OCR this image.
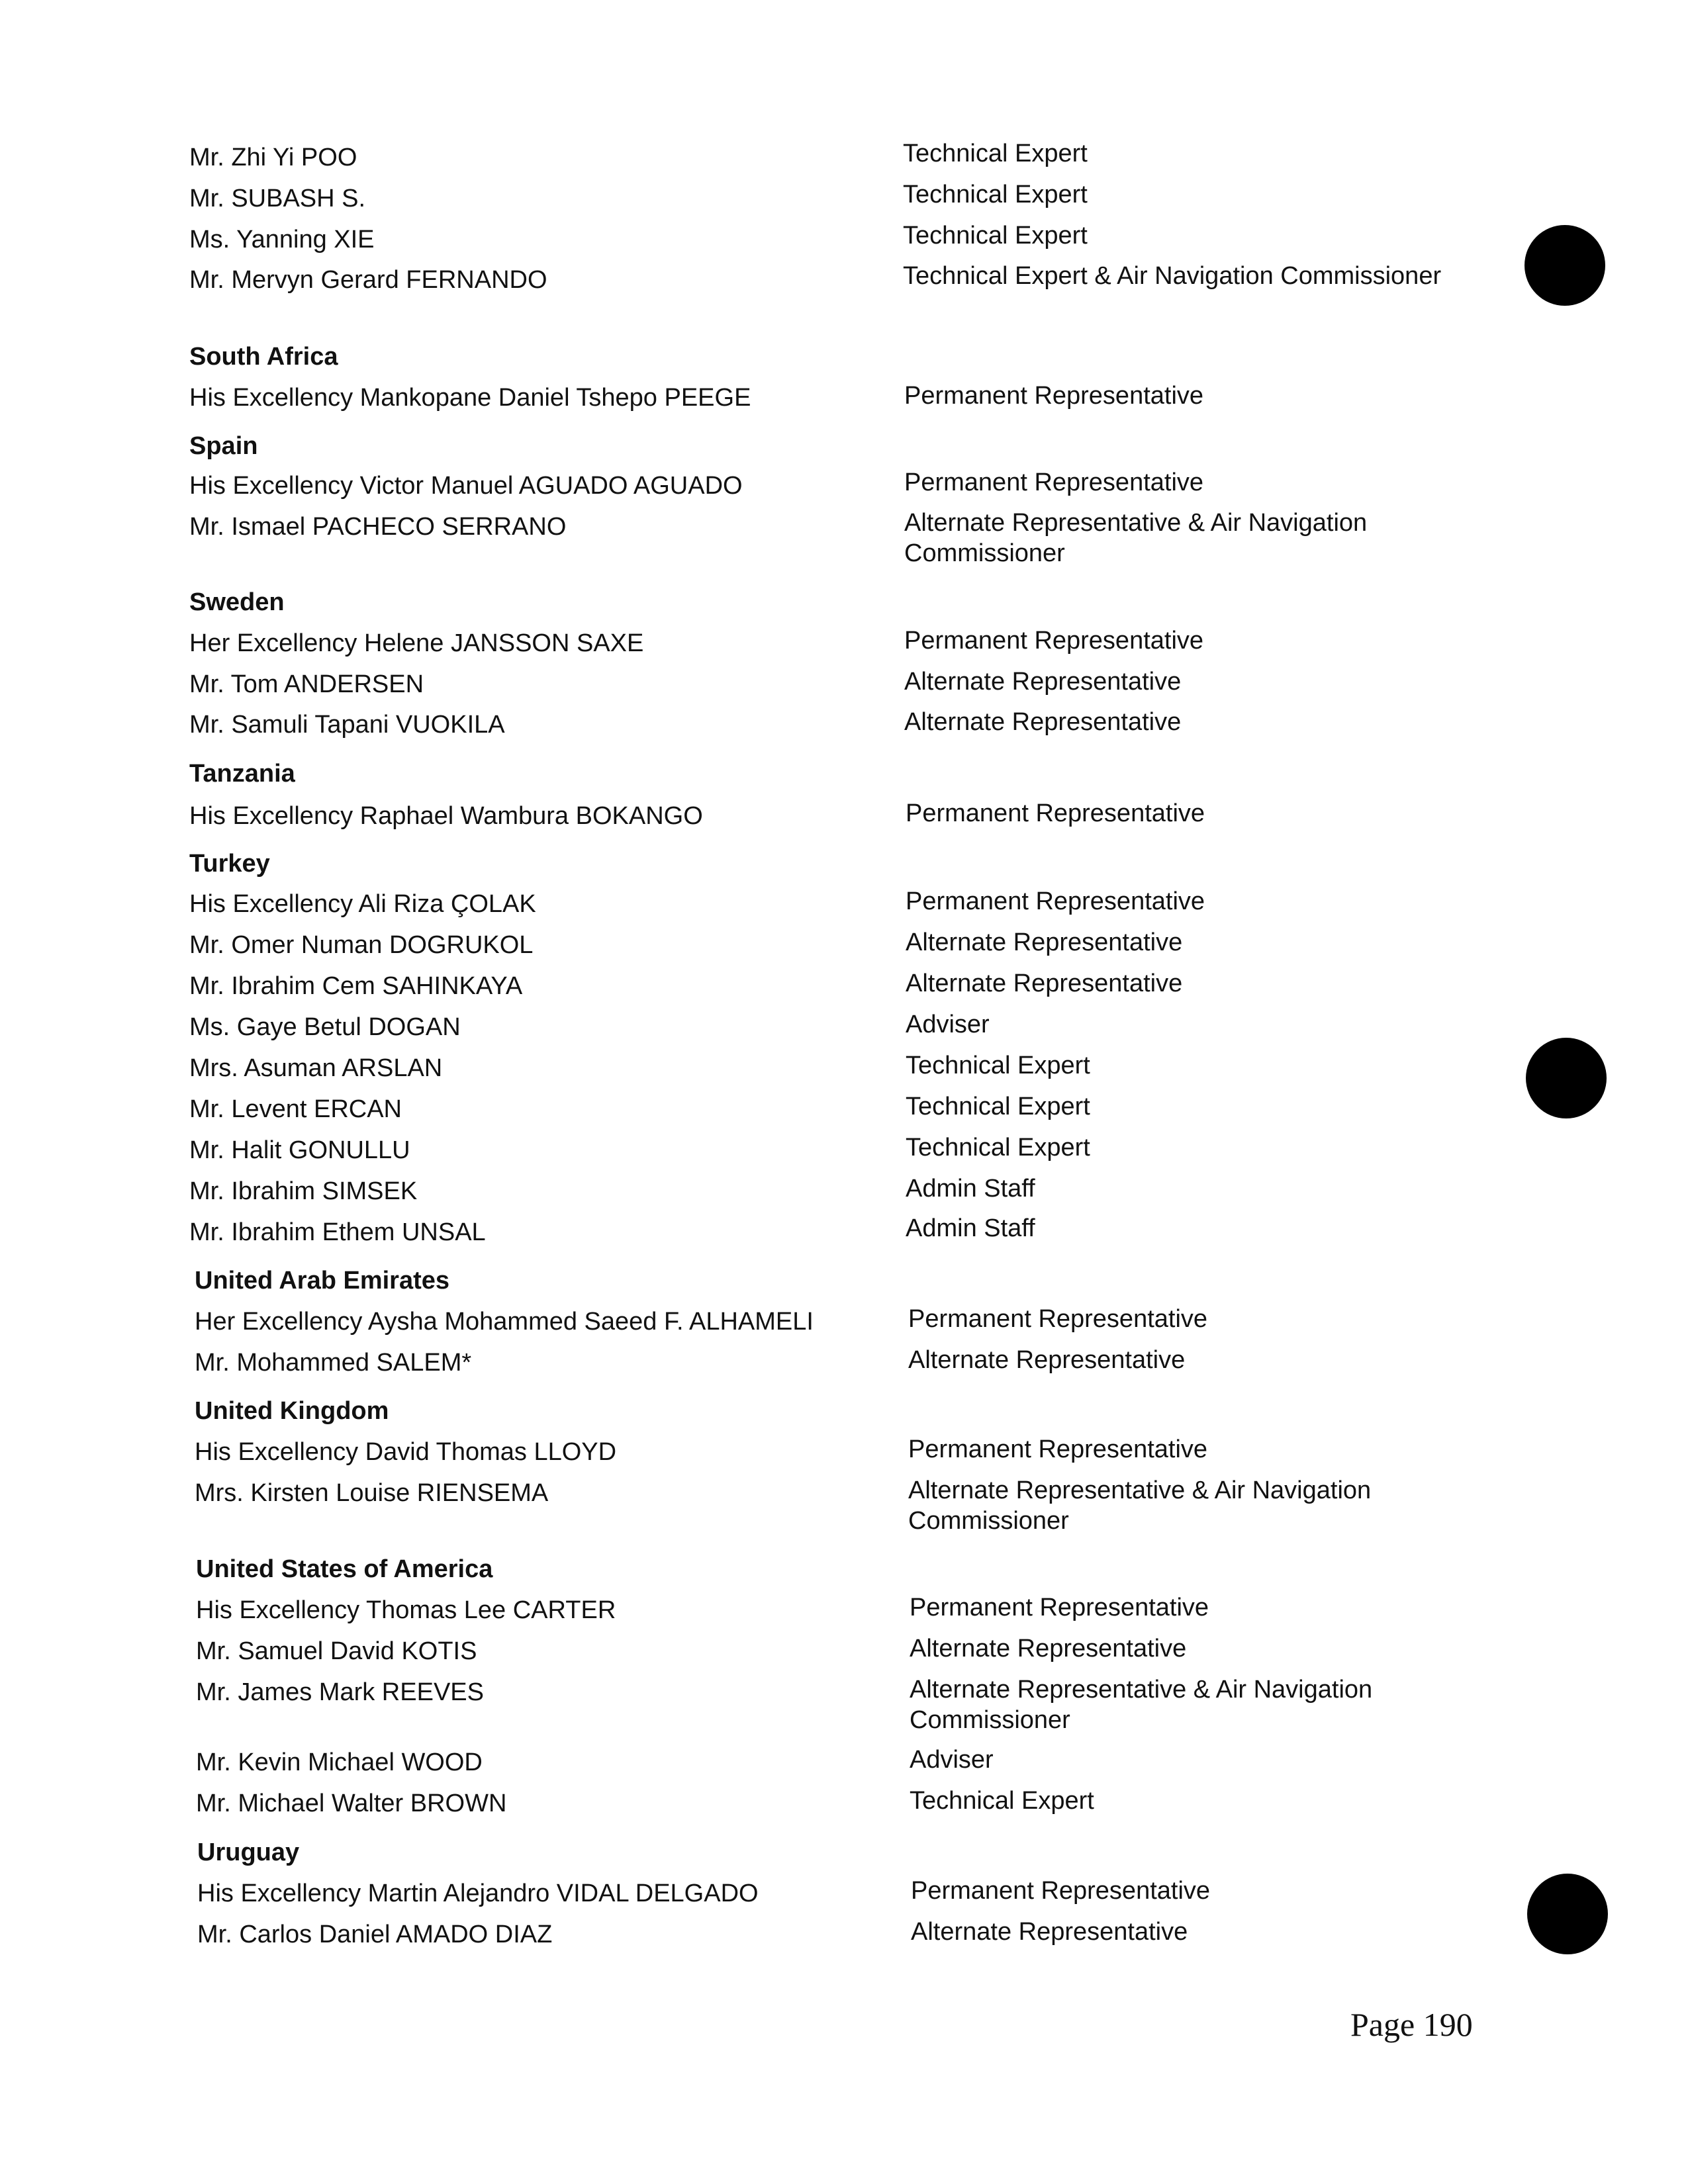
Mr. Zhi Yi POO
Mr. SUBASH S.
Ms. Yanning XIE
Mr. Mervyn Gerard FERNANDO
South Africa
His Excellency Mankopane Daniel Tshepo PEEGE
Spain
His Excellency Victor Manuel AGUADO AGUADO
Mr. Ismael PACHECO SERRANO
Sweden
Her Excellency Helene JANSSON SAXE
Mr. Tom ANDERSEN
Mr. Samuli Tapani VUOKILA
Tanzania
His Excellency Raphael Wambura BOKANGO
Turkey
His Excellency Ali Riza ÇOLAK
Mr. Omer Numan DOGRUKOL
Mr. Ibrahim Cem SAHINKAYA
Ms. Gaye Betul DOGAN
Mrs. Asuman ARSLAN
Mr. Levent ERCAN
Mr. Halit GONULLU
Mr. Ibrahim SIMSEK
Mr. Ibrahim Ethem UNSAL
United Arab Emirates
Her Excellency Aysha Mohammed Saeed F. ALHAMELI
Mr. Mohammed SALEM*
United Kingdom
His Excellency David Thomas LLOYD
Mrs. Kirsten Louise RIENSEMA
United States of America
His Excellency Thomas Lee CARTER
Mr. Samuel David KOTIS
Mr. James Mark REEVES
Mr. Kevin Michael WOOD
Mr. Michael Walter BROWN
Uruguay
His Excellency Martin Alejandro VIDAL DELGADO
Mr. Carlos Daniel AMADO DIAZ
Technical Expert
Technical Expert
Technical Expert
Technical Expert & Air Navigation Commissioner
Permanent Representative
Permanent Representative
Alternate Representative & Air Navigation Commissioner
Permanent Representative
Alternate Representative
Alternate Representative
Permanent Representative
Permanent Representative
Alternate Representative
Alternate Representative
Adviser
Technical Expert
Technical Expert
Technical Expert
Admin Staff
Admin Staff
Permanent Representative
Alternate Representative
Permanent Representative
Alternate Representative & Air Navigation Commissioner
Permanent Representative
Alternate Representative
Alternate Representative & Air Navigation Commissioner
Adviser
Technical Expert
Permanent Representative
Alternate Representative
Page 190
